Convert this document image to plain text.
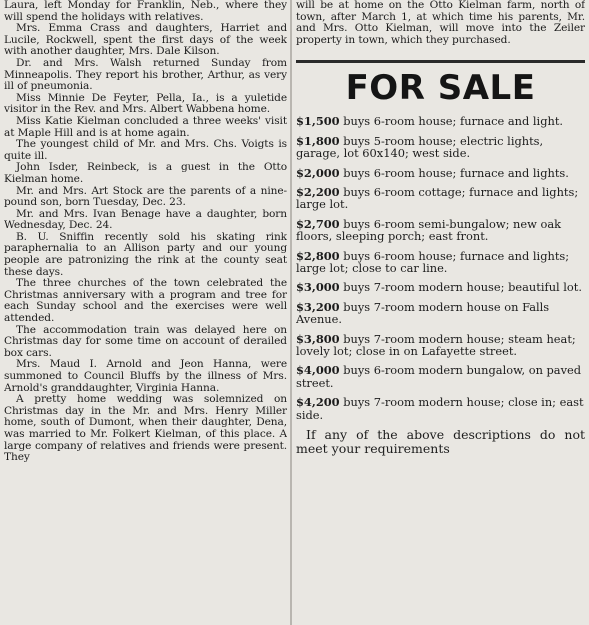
Laura, left Monday for Franklin, Neb., where they will spend the holidays with relatives.

Mrs. Emma Crass and daughters, Harriet and Lucile, Rockwell, spent the first days of the week with another daughter, Mrs. Dale Kilson.

Dr. and Mrs. Walsh returned Sunday from Minneapolis. They report his brother, Arthur, as very ill of pneumonia.

Miss Minnie De Feyter, Pella, Ia., is a yuletide visitor in the Rev. and Mrs. Albert Wabbena home.

Miss Katie Kielman concluded a three weeks' visit at Maple Hill and is at home again.

The youngest child of Mr. and Mrs. Chs. Voigts is quite ill.

John Isder, Reinbeck, is a guest in the Otto Kielman home.

Mr. and Mrs. Art Stock are the parents of a nine-pound son, born Tuesday, Dec. 23.

Mr. and Mrs. Ivan Benage have a daughter, born Wednesday, Dec. 24.

B. U. Sniffin recently sold his skating rink paraphernalia to an Allison party and our young people are patronizing the rink at the county seat these days.

The three churches of the town celebrated the Christmas anniversary with a program and tree for each Sunday school and the exercises were well attended.

The accommodation train was delayed here on Christmas day for some time on account of derailed box cars.

Mrs. Maud I. Arnold and Jeon Hanna, were summoned to Council Bluffs by the illness of Mrs. Arnold's granddaughter, Virginia Hanna.

A pretty home wedding was solemnized on Christmas day in the Mr. and Mrs. Henry Miller home, south of Dumont, when their daughter, Dena, was married to Mr. Folkert Kielman, of this place. A large company of relatives and friends were present. They

will be at home on the Otto Kielman farm, north of town, after March 1, at which time his parents, Mr. and Mrs. Otto Kielman, will move into the Zeiler property in town, which they purchased.

FOR SALE

$1,500 buys 6-room house; furnace and light.

$1,800 buys 5-room house; electric lights, garage, lot 60x140; west side.

$2,000 buys 6-room house; furnace and lights.

$2,200 buys 6-room cottage; furnace and lights; large lot.

$2,700 buys 6-room semi-bungalow; new oak floors, sleeping porch; east front.

$2,800 buys 6-room house; furnace and lights; large lot; close to car line.

$3,000 buys 7-room modern house; beautiful lot.

$3,200 buys 7-room modern house on Falls Avenue.

$3,800 buys 7-room modern house; steam heat; lovely lot; close in on Lafayette street.

$4,000 buys 6-room modern bungalow, on paved street.

$4,200 buys 7-room modern house; close in; east side.

If any of the above descriptions do not meet your requirements
